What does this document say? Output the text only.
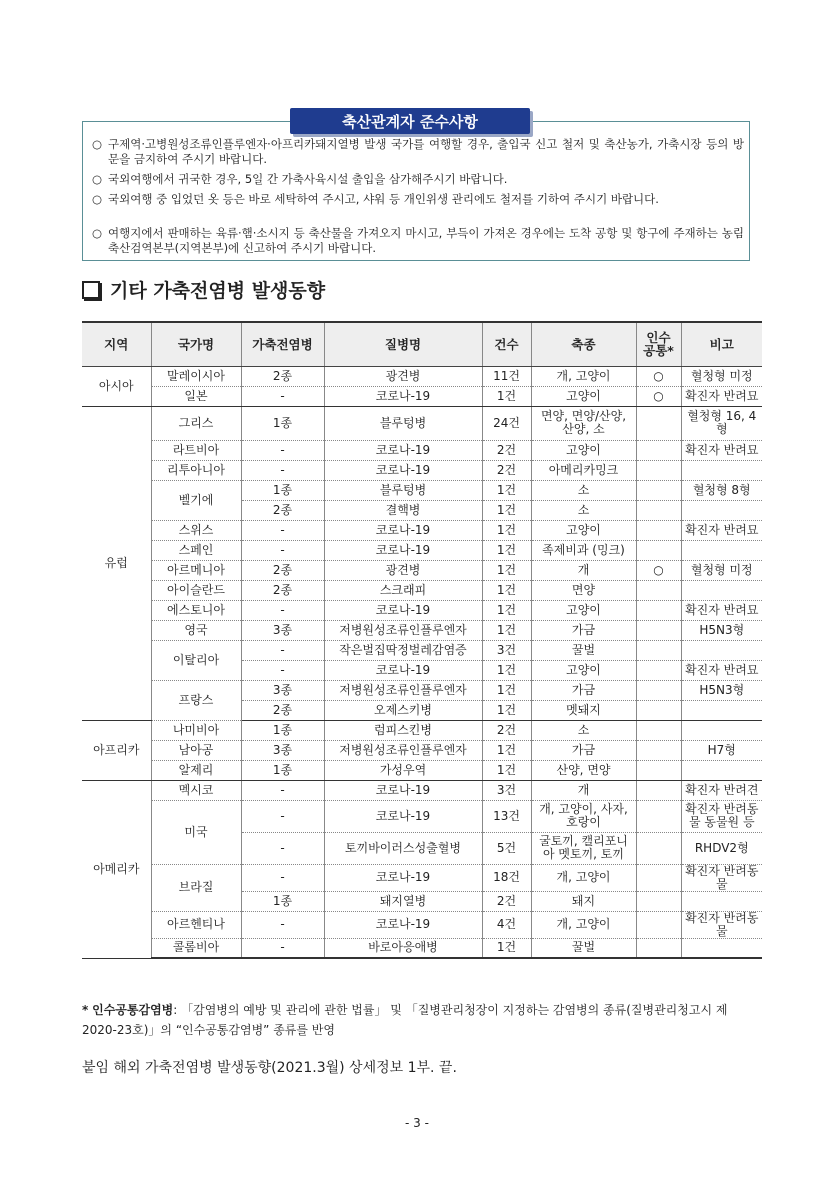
축산관계자 준수사항
○ 구제역·고병원성조류인플루엔자·아프리카돼지열병 발생 국가를 여행할 경우, 출입국 신고 철저 및 축산농가, 가축시장 등의 방문을 금지하여 주시기 바랍니다.
○ 국외여행에서 귀국한 경우, 5일 간 가축사육시설 출입을 삼가해주시기 바랍니다.
○ 국외여행 중 입었던 옷 등은 바로 세탁하여 주시고, 샤워 등 개인위생 관리에도 철저를 기하여 주시기 바랍니다.
○ 여행지에서 판매하는 육류·햄·소시지 등 축산물을 가져오지 마시고, 부득이 가져온 경우에는 도착 공항 및 항구에 주재하는 농림축산검역본부(지역본부)에 신고하여 주시기 바랍니다.
기타 가축전염병 발생동향
지역	국가명	가축전염병	질병명	건수	축종	인수
공통*	비고
아시아	말레이시아	2종	광견병	11건	개, 고양이	○	혈청형 미정
	일본	-	코로나-19	1건	고양이	○	확진자 반려묘
유럽	그리스	1종	블루텅병	24건	면양, 면양/산양, 산양, 소		혈청형 16, 4형
	라트비아	-	코로나-19	2건	고양이		확진자 반려묘
	리투아니아	-	코로나-19	2건	아메리카밍크		
	벨기에	1종	블루텅병	1건	소		혈청형 8형
		2종	결핵병	1건	소		
	스위스	-	코로나-19	1건	고양이		확진자 반려묘
	스페인	-	코로나-19	1건	족제비과 (밍크)		
	아르메니아	2종	광견병	1건	개	○	혈청형 미정
	아이슬란드	2종	스크래피	1건	면양		
	에스토니아	-	코로나-19	1건	고양이		확진자 반려묘
	영국	3종	저병원성조류인플루엔자	1건	가금		H5N3형
	이탈리아	-	작은벌집딱정벌레감염증	3건	꿀벌		
		-	코로나-19	1건	고양이		확진자 반려묘
	프랑스	3종	저병원성조류인플루엔자	1건	가금		H5N3형
		2종	오제스키병	1건	멧돼지		
아프리카	나미비아	1종	럼피스킨병	2건	소		
	남아공	3종	저병원성조류인플루엔자	1건	가금		H7형
	알제리	1종	가성우역	1건	산양, 면양		
아메리카	멕시코	-	코로나-19	3건	개		확진자 반려견
	미국	-	코로나-19	13건	개, 고양이, 사자, 호랑이		확진자 반려동물 동물원 등
		-	토끼바이러스성출혈병	5건	굴토끼, 캘리포니아 멧토끼, 토끼		RHDV2형
	브라질	-	코로나-19	18건	개, 고양이		확진자 반려동물
		1종	돼지열병	2건	돼지		
	아르헨티나	-	코로나-19	4건	개, 고양이		확진자 반려동물
	콜롬비아	-	바로아응애병	1건	꿀벌		
* 인수공통감염병: 「감염병의 예방 및 관리에 관한 법률」 및 「질병관리청장이 지정하는 감염병의 종류(질병관리청고시 제2020-23호)」의 “인수공통감염병” 종류를 반영
붙임 해외 가축전염병 발생동향(2021.3월) 상세정보 1부. 끝.
- 3 -
